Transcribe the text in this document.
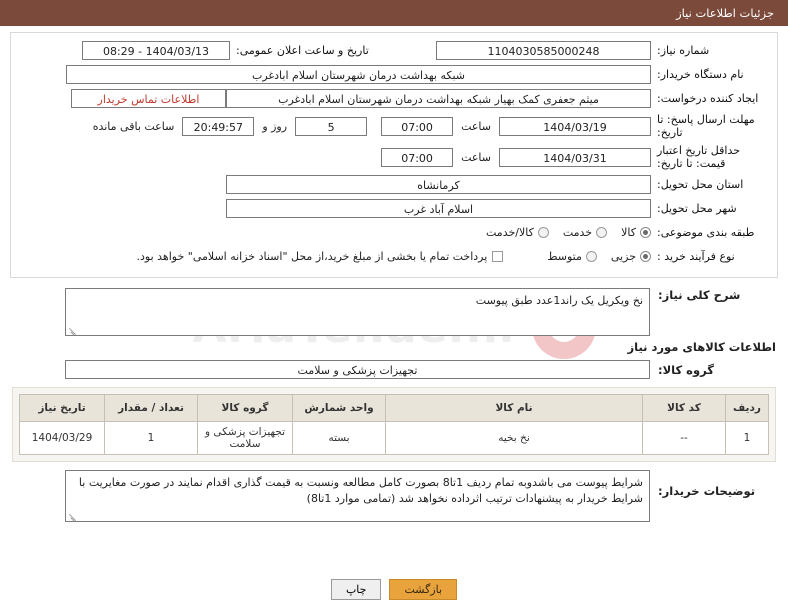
جزئیات اطلاعات نیاز
شماره نیاز:
1104030585000248
تاریخ و ساعت اعلان عمومی:
1404/03/13 - 08:29
نام دستگاه خریدار:
شبکه بهداشت درمان شهرستان اسلام ابادغرب
ایجاد کننده درخواست:
میثم جعفری کمک بهیار شبکه بهداشت درمان شهرستان اسلام ابادغرب
اطلاعات تماس خریدار
مهلت ارسال پاسخ: تا تاریخ:
1404/03/19
ساعت
07:00
5
روز و
20:49:57
ساعت باقی مانده
حداقل تاریخ اعتبار قیمت: تا تاریخ:
1404/03/31
ساعت
07:00
استان محل تحویل:
کرمانشاه
شهر محل تحویل:
اسلام آباد غرب
طبقه بندی موضوعی:
کالا
خدمت
کالا/خدمت
نوع فرآیند خرید :
جزیی
متوسط
پرداخت تمام یا بخشی از مبلغ خرید،از محل "اسناد خزانه اسلامی" خواهد بود.
شرح کلی نیاز:
نخ ویکریل یک راند1عدد طبق پیوست
اطلاعات کالاهای مورد نیاز
گروه کالا:
تجهیزات پزشکی و سلامت
ردیف	کد کالا	نام کالا	واحد شمارش	گروه کالا	تعداد / مقدار	تاریخ نیاز
1	--	نخ بخیه	بسته	تجهیزات پزشکی و سلامت	1	1404/03/29
توضیحات خریدار:
شرایط پیوست می باشدوبه تمام ردیف 1تا8 بصورت کامل مطالعه ونسبت به قیمت گذاری اقدام نمایند در صورت مغایریت با شرایط خریدار به پیشنهادات ترتیب اثرداده نخواهد شد (تمامی موارد 1تا8)
بازگشت
چاپ
